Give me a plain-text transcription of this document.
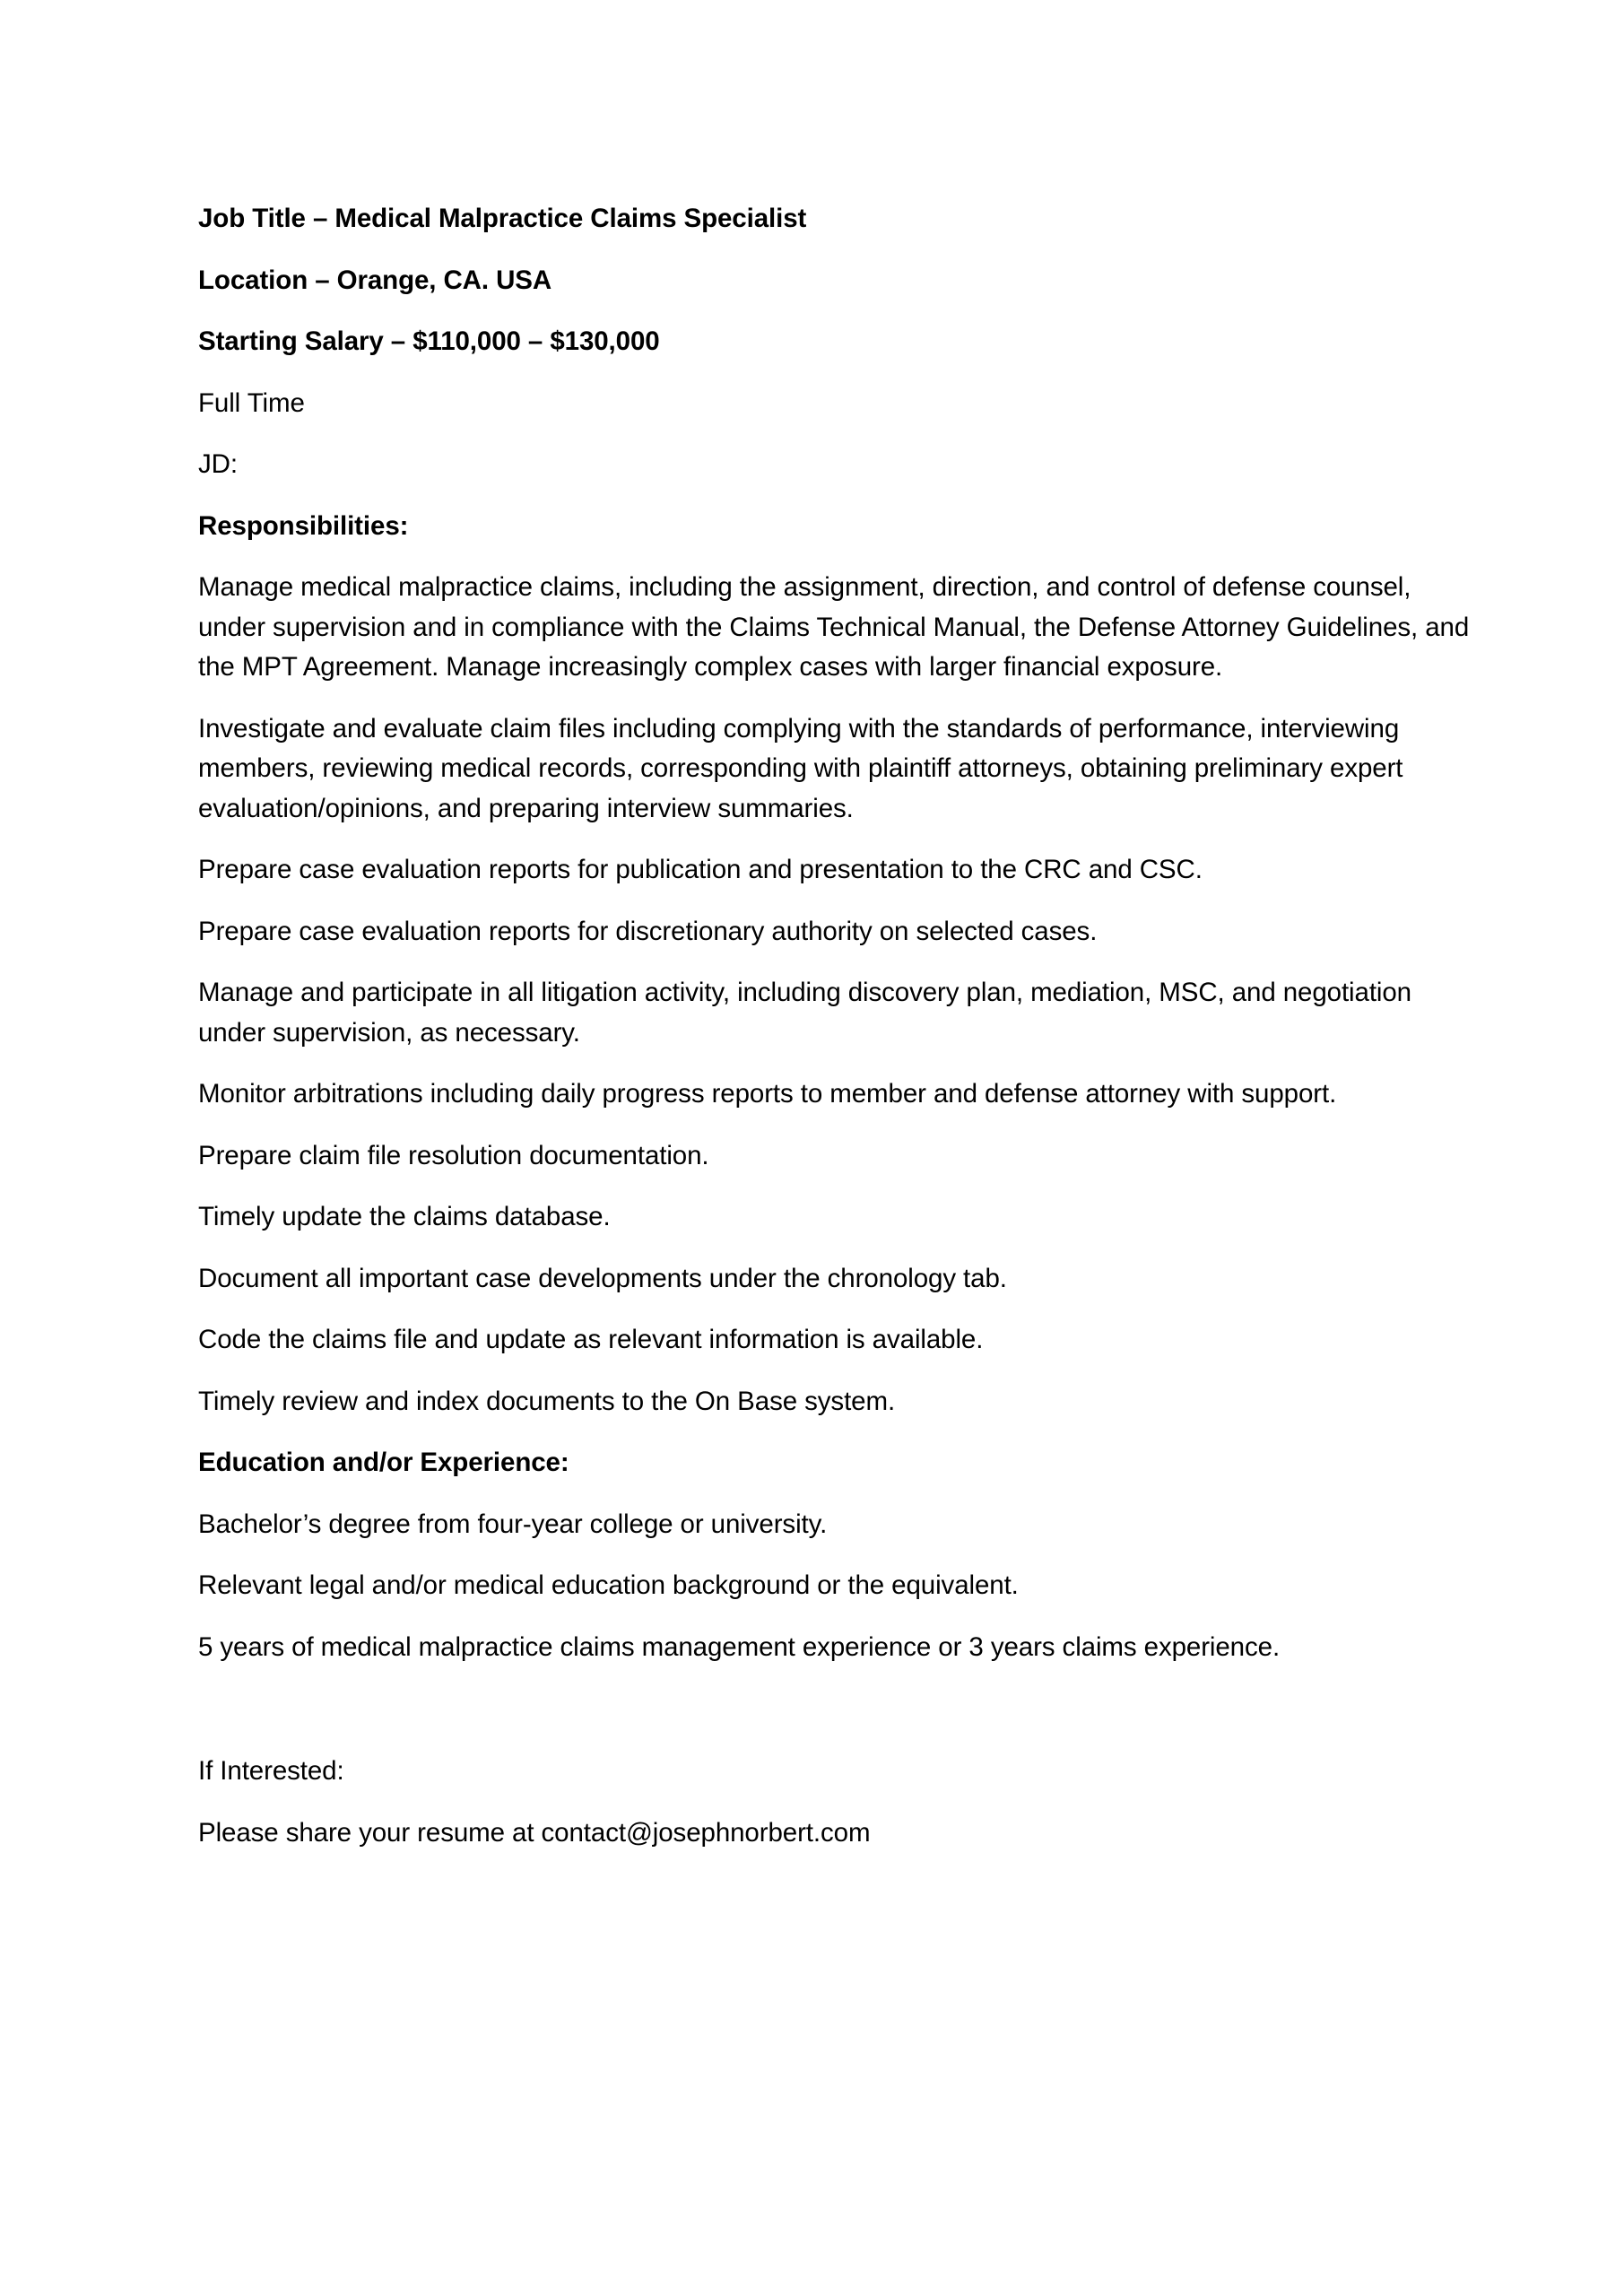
Job Title – Medical Malpractice Claims Specialist

Location – Orange, CA. USA

Starting Salary – $110,000 – $130,000

Full Time

JD:

Responsibilities:

Manage medical malpractice claims, including the assignment, direction, and control of defense counsel, under supervision and in compliance with the Claims Technical Manual, the Defense Attorney Guidelines, and the MPT Agreement. Manage increasingly complex cases with larger financial exposure.

Investigate and evaluate claim files including complying with the standards of performance, interviewing members, reviewing medical records, corresponding with plaintiff attorneys, obtaining preliminary expert evaluation/opinions, and preparing interview summaries.

Prepare case evaluation reports for publication and presentation to the CRC and CSC.

Prepare case evaluation reports for discretionary authority on selected cases.

Manage and participate in all litigation activity, including discovery plan, mediation, MSC, and negotiation under supervision, as necessary.

Monitor arbitrations including daily progress reports to member and defense attorney with support.

Prepare claim file resolution documentation.

Timely update the claims database.

Document all important case developments under the chronology tab.

Code the claims file and update as relevant information is available.

Timely review and index documents to the On Base system.

Education and/or Experience:

Bachelor’s degree from four-year college or university.

Relevant legal and/or medical education background or the equivalent.

5 years of medical malpractice claims management experience or 3 years claims experience.

If Interested:

Please share your resume at contact@josephnorbert.com
